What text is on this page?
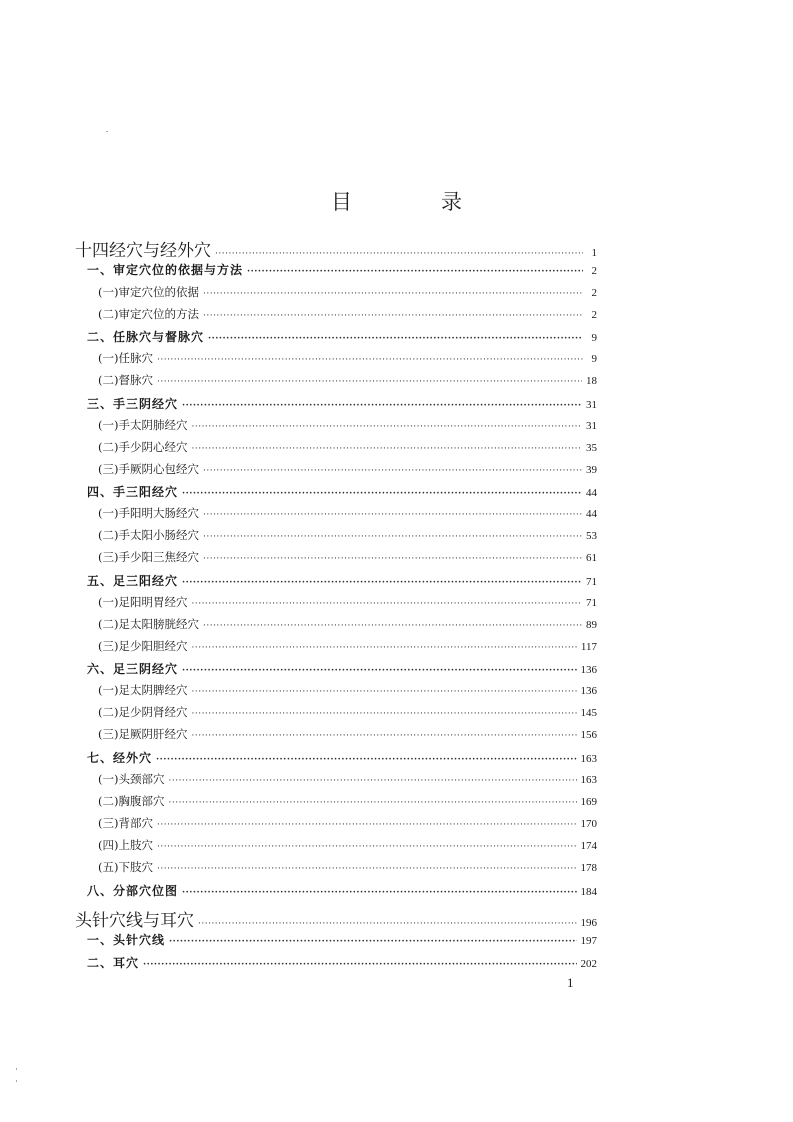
目　录
十四经穴与经外穴 ·····	1
一、审定穴位的依据与方法 ·····	2
(一)审定穴位的依据 ·····	2
(二)审定穴位的方法 ·····	2
二、任脉穴与督脉穴 ·····	9
(一)任脉穴 ·····	9
(二)督脉穴 ·····	18
三、手三阴经穴 ·····	31
(一)手太阴肺经穴 ·····	31
(二)手少阴心经穴 ·····	35
(三)手厥阴心包经穴 ·····	39
四、手三阳经穴 ·····	44
(一)手阳明大肠经穴 ·····	44
(二)手太阳小肠经穴 ·····	53
(三)手少阳三焦经穴 ·····	61
五、足三阳经穴 ·····	71
(一)足阳明胃经穴 ·····	71
(二)足太阳膀胱经穴 ·····	89
(三)足少阳胆经穴 ·····	117
六、足三阴经穴 ·····	136
(一)足太阴脾经穴 ·····	136
(二)足少阴肾经穴 ·····	145
(三)足厥阴肝经穴 ·····	156
七、经外穴 ·····	163
(一)头颈部穴 ·····	163
(二)胸腹部穴 ·····	169
(三)背部穴 ·····	170
(四)上肢穴 ·····	174
(五)下肢穴 ·····	178
八、分部穴位图 ·····	184
头针穴线与耳穴 ·····	196
一、头针穴线 ·····	197
二、耳穴 ·····	202
1
